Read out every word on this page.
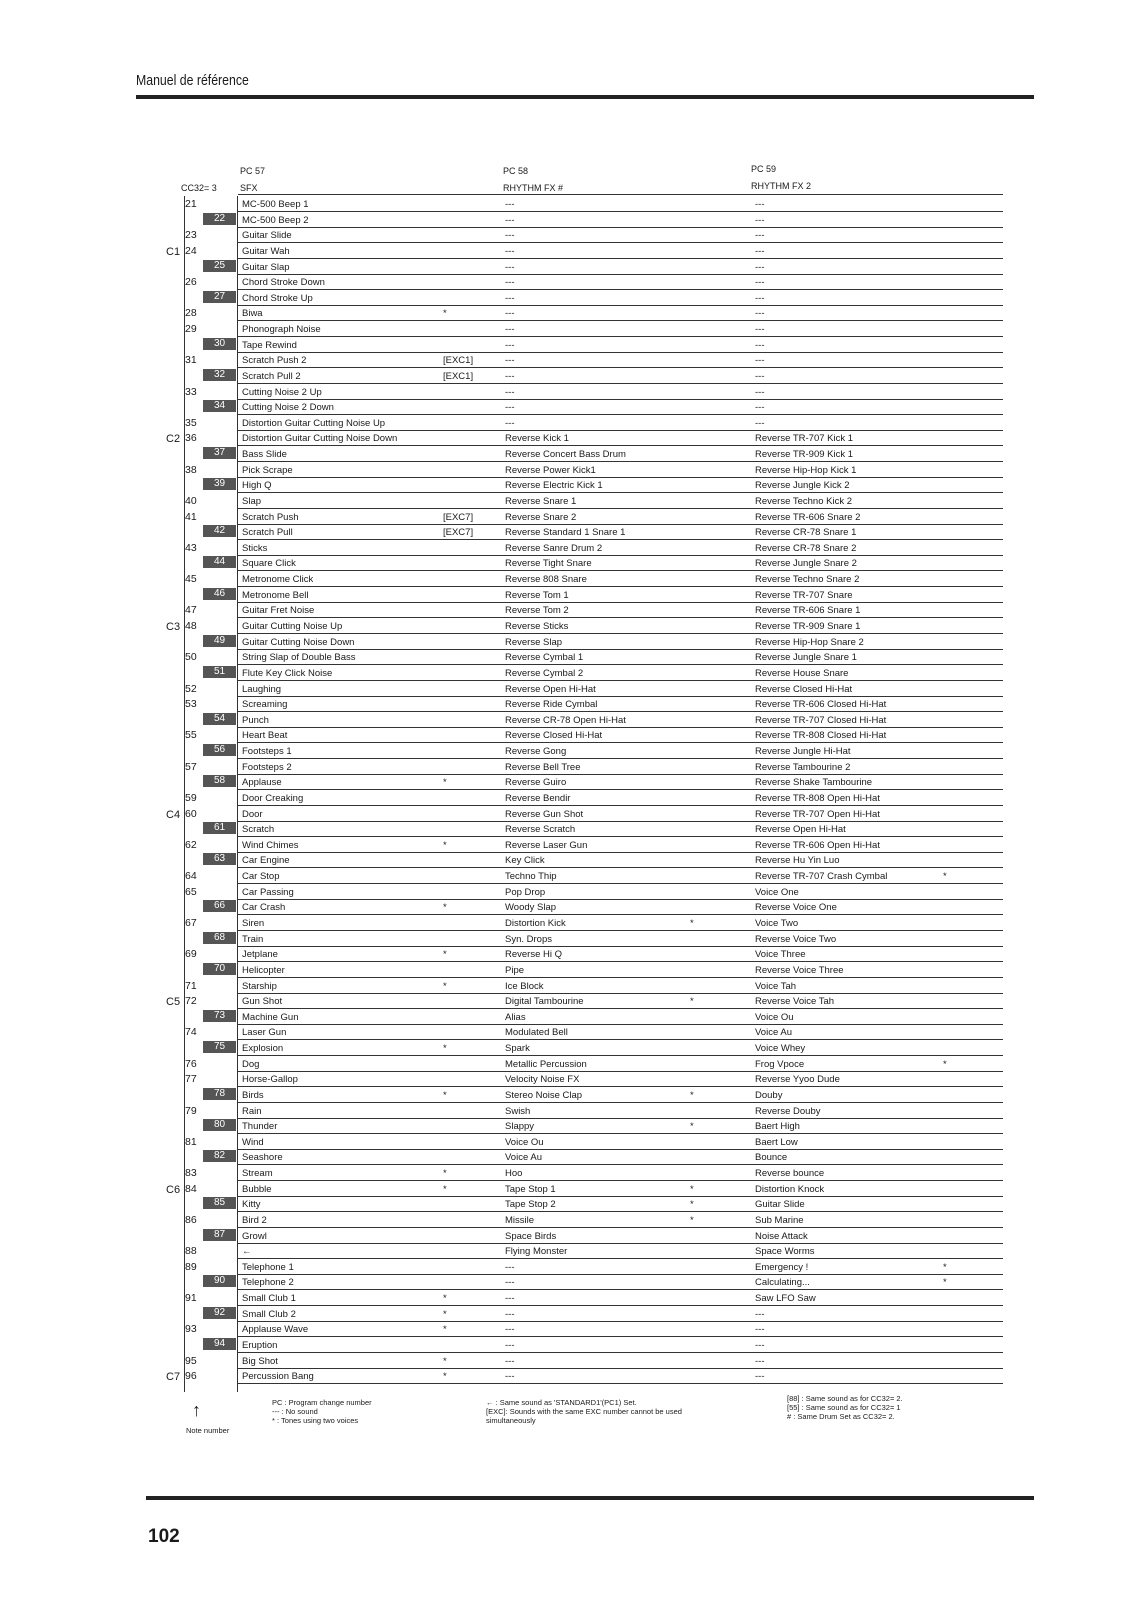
Manuel de référence
PC 57
CC32= 3	SFX
PC 58
RHYTHM FX #
PC 59
RHYTHM FX 2
21	MC-500 Beep 1	---	---
22	MC-500 Beep 2	---	---
23	Guitar Slide	---	---
24	Guitar Wah	---	---
25	Guitar Slap	---	---
26	Chord Stroke Down	---	---
27	Chord Stroke Up	---	---
28	Biwa	*	---	---
29	Phonograph Noise	---	---
30	Tape Rewind	---	---
31	Scratch Push 2	[EXC1]	---	---
32	Scratch Pull 2	[EXC1]	---	---
33	Cutting Noise 2 Up	---	---
34	Cutting Noise 2 Down	---	---
35	Distortion Guitar Cutting Noise Up	---	---
36	Distortion Guitar Cutting Noise Down	Reverse Kick 1	Reverse TR-707 Kick 1
37	Bass Slide	Reverse Concert Bass Drum	Reverse TR-909 Kick 1
38	Pick Scrape	Reverse Power Kick1	Reverse Hip-Hop Kick 1
39	High Q	Reverse Electric Kick 1	Reverse Jungle Kick 2
40	Slap	Reverse Snare 1	Reverse Techno Kick 2
41	Scratch Push	[EXC7]	Reverse Snare 2	Reverse TR-606 Snare 2
42	Scratch Pull	[EXC7]	Reverse Standard 1 Snare 1	Reverse CR-78 Snare 1
43	Sticks	Reverse Sanre Drum 2	Reverse CR-78 Snare 2
44	Square Click	Reverse Tight Snare	Reverse Jungle Snare 2
45	Metronome Click	Reverse 808 Snare	Reverse Techno Snare 2
46	Metronome Bell	Reverse Tom 1	Reverse TR-707 Snare
47	Guitar Fret Noise	Reverse Tom 2	Reverse TR-606 Snare 1
48	Guitar Cutting Noise Up	Reverse Sticks	Reverse TR-909 Snare 1
49	Guitar Cutting Noise Down	Reverse Slap	Reverse Hip-Hop Snare 2
50	String Slap of Double Bass	Reverse Cymbal 1	Reverse Jungle Snare 1
51	Flute Key Click Noise	Reverse Cymbal 2	Reverse House Snare
52	Laughing	Reverse Open Hi-Hat	Reverse Closed Hi-Hat
53	Screaming	Reverse Ride Cymbal	Reverse TR-606 Closed Hi-Hat
54	Punch	Reverse CR-78 Open Hi-Hat	Reverse TR-707 Closed Hi-Hat
55	Heart Beat	Reverse Closed Hi-Hat	Reverse TR-808 Closed Hi-Hat
56	Footsteps 1	Reverse Gong	Reverse Jungle Hi-Hat
57	Footsteps 2	Reverse Bell Tree	Reverse Tambourine 2
58	Applause	*	Reverse Guiro	Reverse Shake Tambourine
59	Door Creaking	Reverse Bendir	Reverse TR-808 Open Hi-Hat
60	Door	Reverse Gun Shot	Reverse TR-707 Open Hi-Hat
61	Scratch	Reverse Scratch	Reverse Open Hi-Hat
62	Wind Chimes	*	Reverse Laser Gun	Reverse TR-606 Open Hi-Hat
63	Car Engine	Key Click	Reverse Hu Yin Luo
64	Car Stop	Techno Thip	Reverse TR-707 Crash Cymbal	*
65	Car Passing	Pop Drop	Voice One
66	Car Crash	*	Woody Slap	Reverse Voice One
67	Siren	Distortion Kick	*	Voice Two
68	Train	Syn. Drops	Reverse Voice Two
69	Jetplane	*	Reverse Hi Q	Voice Three
70	Helicopter	Pipe	Reverse Voice Three
71	Starship	*	Ice Block	Voice Tah
72	Gun Shot	Digital Tambourine	*	Reverse Voice Tah
73	Machine Gun	Alias	Voice Ou
74	Laser Gun	Modulated Bell	Voice Au
75	Explosion	*	Spark	Voice Whey
76	Dog	Metallic Percussion	Frog Vpoce	*
77	Horse-Gallop	Velocity Noise FX	Reverse Yyoo Dude
78	Birds	*	Stereo Noise Clap	*	Douby
79	Rain	Swish	Reverse Douby
80	Thunder	Slappy	*	Baert High
81	Wind	Voice Ou	Baert Low
82	Seashore	Voice Au	Bounce
83	Stream	*	Hoo	Reverse bounce
84	Bubble	*	Tape Stop 1	*	Distortion Knock
85	Kitty	Tape Stop 2	*	Guitar Slide
86	Bird 2	Missile	*	Sub Marine
87	Growl	Space Birds	Noise Attack
88	←	Flying Monster	Space Worms
89	Telephone 1	---	Emergency !	*
90	Telephone 2	---	Calculating...	*
91	Small Club 1	*	---	Saw LFO Saw
92	Small Club 2	*	---	---
93	Applause Wave	*	---	---
94	Eruption	---	---
95	Big Shot	*	---	---
96	Percussion Bang	*	---	---
C1
C2
C3
C4
C5
C6
C7
↑
Note number
PC : Program change number
--- : No sound
* : Tones using two voices
← : Same sound as 'STANDARD1'(PC1) Set.
[EXC]: Sounds with the same EXC number cannot be used
simultaneously
[88] : Same sound as for CC32= 2.
[55] : Same sound as for CC32= 1
# : Same Drum Set as CC32= 2.
102
